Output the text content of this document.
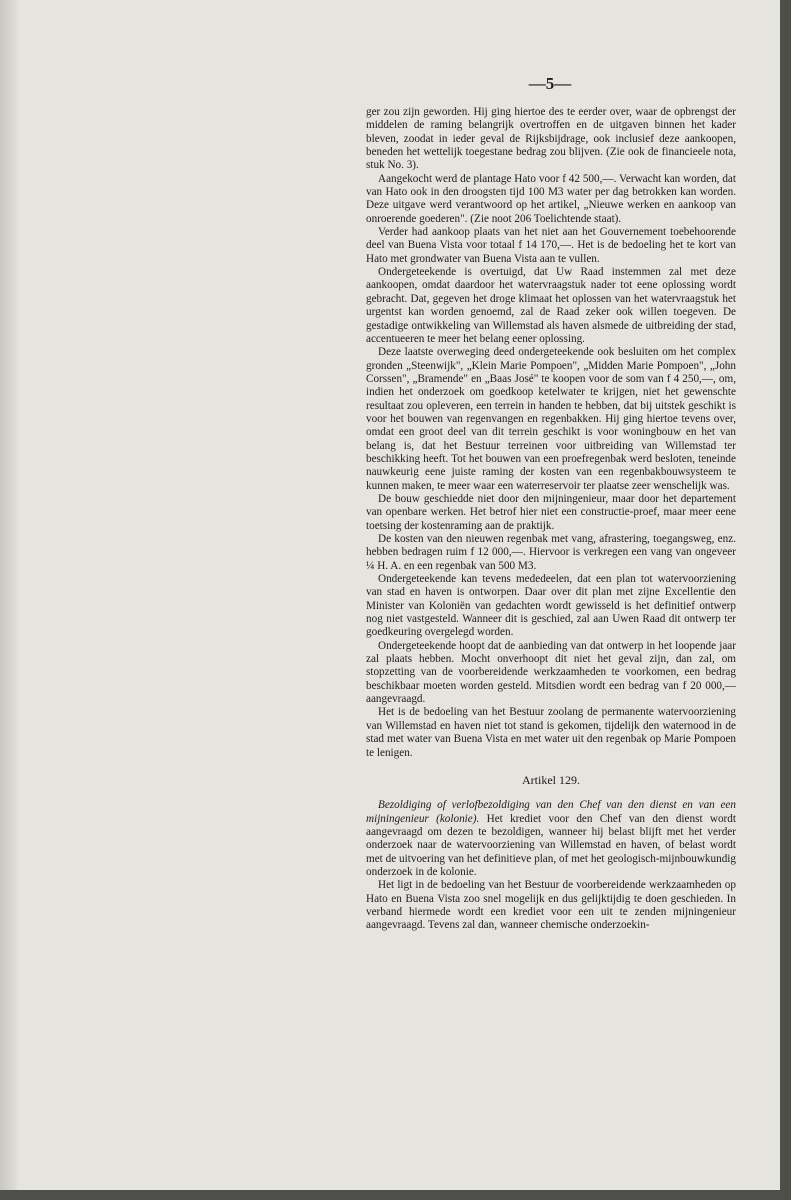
—5—

ger zou zijn geworden. Hij ging hiertoe des te eerder over, waar de opbrengst der middelen de raming belangrijk overtroffen en de uitgaven binnen het kader bleven, zoodat in ieder geval de Rijksbijdrage, ook inclusief deze aankoopen, beneden het wettelijk toegestane bedrag zou blijven. (Zie ook de financieele nota, stuk No. 3).

Aangekocht werd de plantage Hato voor f 42 500,—. Verwacht kan worden, dat van Hato ook in den droogsten tijd 100 M3 water per dag betrokken kan worden. Deze uitgave werd verantwoord op het artikel, „Nieuwe werken en aankoop van onroerende goederen". (Zie noot 206 Toelichtende staat).

Verder had aankoop plaats van het niet aan het Gouvernement toebehoorende deel van Buena Vista voor totaal f 14 170,—. Het is de bedoeling het te kort van Hato met grondwater van Buena Vista aan te vullen.

Ondergeteekende is overtuigd, dat Uw Raad instemmen zal met deze aankoopen, omdat daardoor het watervraagstuk nader tot eene oplossing wordt gebracht. Dat, gegeven het droge klimaat het oplossen van het watervraagstuk het urgentst kan worden genoemd, zal de Raad zeker ook willen toegeven. De gestadige ontwikkeling van Willemstad als haven alsmede de uitbreiding der stad, accentueeren te meer het belang eener oplossing.

Deze laatste overweging deed ondergeteekende ook besluiten om het complex gronden „Steenwijk", „Klein Marie Pompoen", „Midden Marie Pompoen", „John Corssen", „Bramende" en „Baas José" te koopen voor de som van f 4 250,—, om, indien het onderzoek om goedkoop ketelwater te krijgen, niet het gewenschte resultaat zou opleveren, een terrein in handen te hebben, dat bij uitstek geschikt is voor het bouwen van regenvangen en regenbakken. Hij ging hiertoe tevens over, omdat een groot deel van dit terrein geschikt is voor woningbouw en het van belang is, dat het Bestuur terreinen voor uitbreiding van Willemstad ter beschikking heeft. Tot het bouwen van een proefregenbak werd besloten, teneinde nauwkeurig eene juiste raming der kosten van een regenbakbouwsysteem te kunnen maken, te meer waar een waterreservoir ter plaatse zeer wenschelijk was.

De bouw geschiedde niet door den mijningenieur, maar door het departement van openbare werken. Het betrof hier niet een constructie-proef, maar meer eene toetsing der kostenraming aan de praktijk.

De kosten van den nieuwen regenbak met vang, afrastering, toegangsweg, enz. hebben bedragen ruim f 12 000,—. Hiervoor is verkregen een vang van ongeveer ¼ H. A. en een regenbak van 500 M3.

Ondergeteekende kan tevens mededeelen, dat een plan tot watervoorziening van stad en haven is ontworpen. Daar over dit plan met zijne Excellentie den Minister van Koloniën van gedachten wordt gewisseld is het definitief ontwerp nog niet vastgesteld. Wanneer dit is geschied, zal aan Uwen Raad dit ontwerp ter goedkeuring overgelegd worden.

Ondergeteekende hoopt dat de aanbieding van dat ontwerp in het loopende jaar zal plaats hebben. Mocht onverhoopt dit niet het geval zijn, dan zal, om stopzetting van de voorbereidende werkzaamheden te voorkomen, een bedrag beschikbaar moeten worden gesteld. Mitsdien wordt een bedrag van f 20 000,— aangevraagd.

Het is de bedoeling van het Bestuur zoolang de permanente watervoorziening van Willemstad en haven niet tot stand is gekomen, tijdelijk den waternood in de stad met water van Buena Vista en met water uit den regenbak op Marie Pompoen te lenigen.

Artikel 129.

Bezoldiging of verlofbezoldiging van den Chef van den dienst en van een mijningenieur (kolonie). Het krediet voor den Chef van den dienst wordt aangevraagd om dezen te bezoldigen, wanneer hij belast blijft met het verder onderzoek naar de watervoorziening van Willemstad en haven, of belast wordt met de uitvoering van het definitieve plan, of met het geologisch-mijnbouwkundig onderzoek in de kolonie.

Het ligt in de bedoeling van het Bestuur de voorbereidende werkzaamheden op Hato en Buena Vista zoo snel mogelijk en dus gelijktijdig te doen geschieden. In verband hiermede wordt een krediet voor een uit te zenden mijningenieur aangevraagd. Tevens zal dan, wanneer chemische onderzoekin-
